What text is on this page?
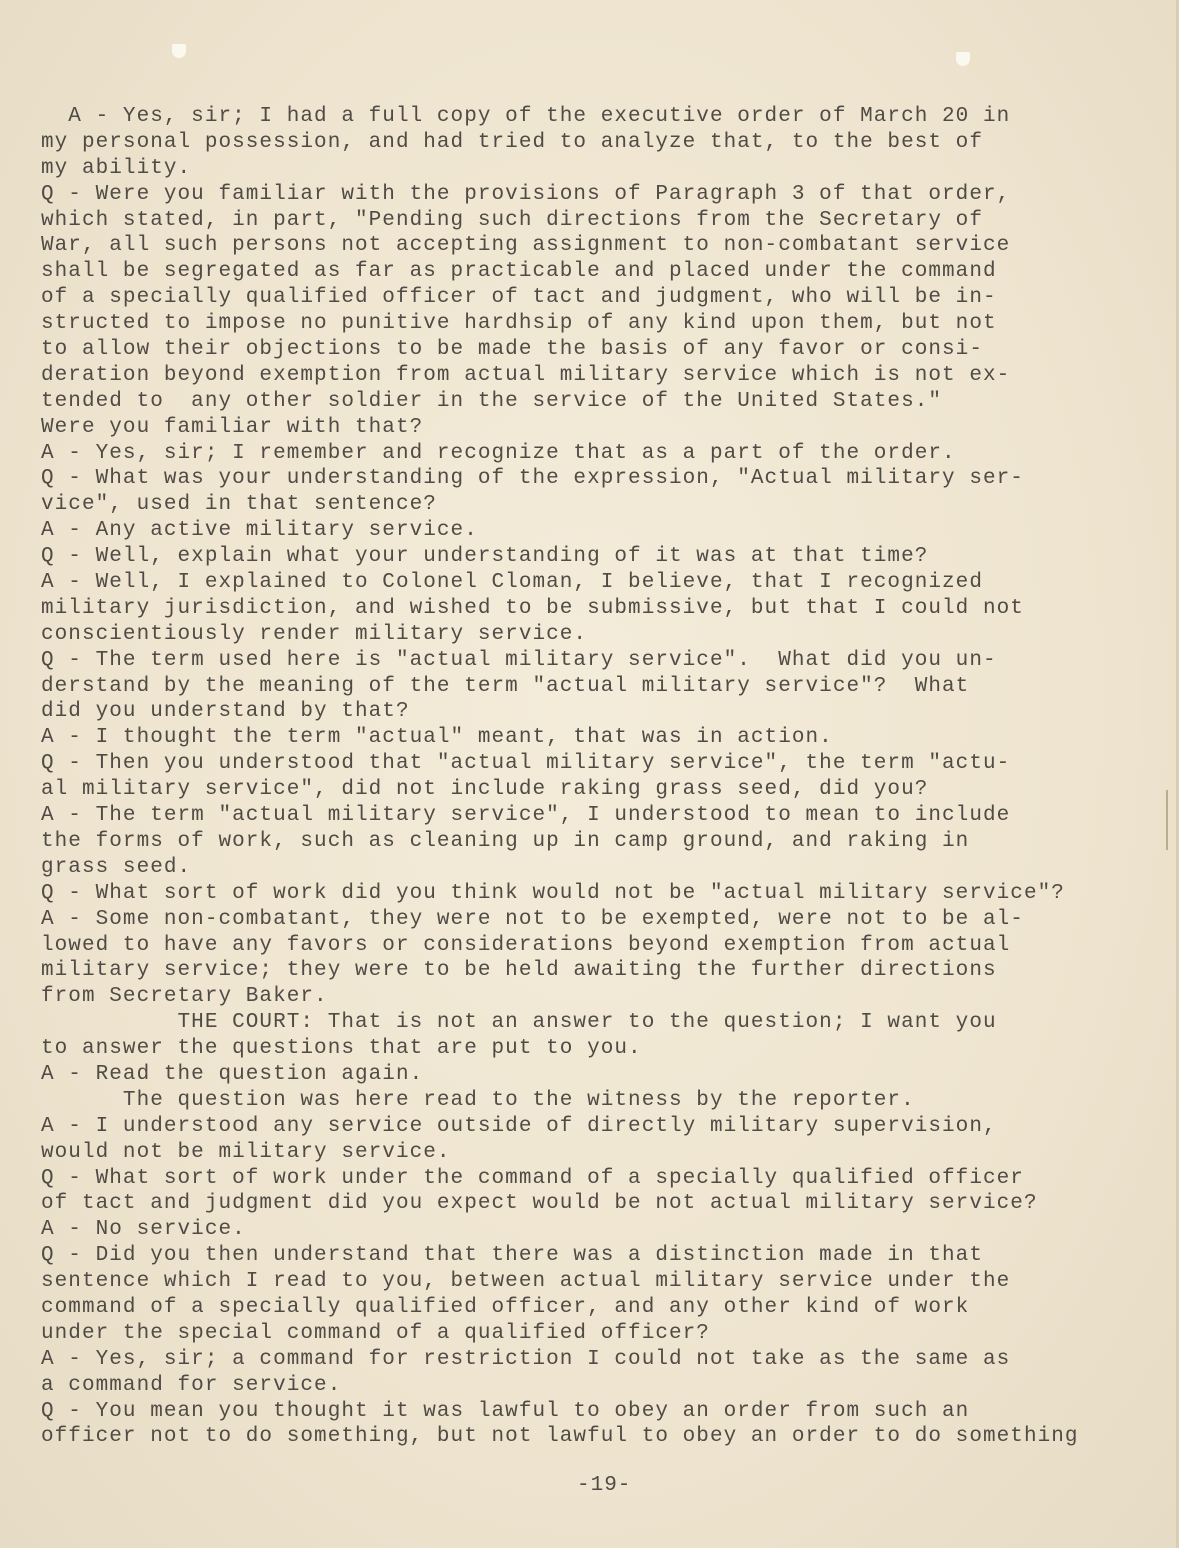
A - Yes, sir; I had a full copy of the executive order of March 20 in
my personal possession, and had tried to analyze that, to the best of
my ability.
Q - Were you familiar with the provisions of Paragraph 3 of that order,
which stated, in part, "Pending such directions from the Secretary of
War, all such persons not accepting assignment to non-combatant service
shall be segregated as far as practicable and placed under the command
of a specially qualified officer of tact and judgment, who will be in-
structed to impose no punitive hardhsip of any kind upon them, but not
to allow their objections to be made the basis of any favor or consi-
deration beyond exemption from actual military service which is not ex-
tended to  any other soldier in the service of the United States."
Were you familiar with that?
A - Yes, sir; I remember and recognize that as a part of the order.
Q - What was your understanding of the expression, "Actual military ser-
vice", used in that sentence?
A - Any active military service.
Q - Well, explain what your understanding of it was at that time?
A - Well, I explained to Colonel Cloman, I believe, that I recognized
military jurisdiction, and wished to be submissive, but that I could not
conscientiously render military service.
Q - The term used here is "actual military service".  What did you un-
derstand by the meaning of the term "actual military service"?  What
did you understand by that?
A - I thought the term "actual" meant, that was in action.
Q - Then you understood that "actual military service", the term "actu-
al military service", did not include raking grass seed, did you?
A - The term "actual military service", I understood to mean to include
the forms of work, such as cleaning up in camp ground, and raking in
grass seed.
Q - What sort of work did you think would not be "actual military service"?
A - Some non-combatant, they were not to be exempted, were not to be al-
lowed to have any favors or considerations beyond exemption from actual
military service; they were to be held awaiting the further directions
from Secretary Baker.
THE COURT: That is not an answer to the question; I want you
to answer the questions that are put to you.
A - Read the question again.
The question was here read to the witness by the reporter.
A - I understood any service outside of directly military supervision,
would not be military service.
Q - What sort of work under the command of a specially qualified officer
of tact and judgment did you expect would be not actual military service?
A - No service.
Q - Did you then understand that there was a distinction made in that
sentence which I read to you, between actual military service under the
command of a specially qualified officer, and any other kind of work
under the special command of a qualified officer?
A - Yes, sir; a command for restriction I could not take as the same as
a command for service.
Q - You mean you thought it was lawful to obey an order from such an
officer not to do something, but not lawful to obey an order to do something
-19-
